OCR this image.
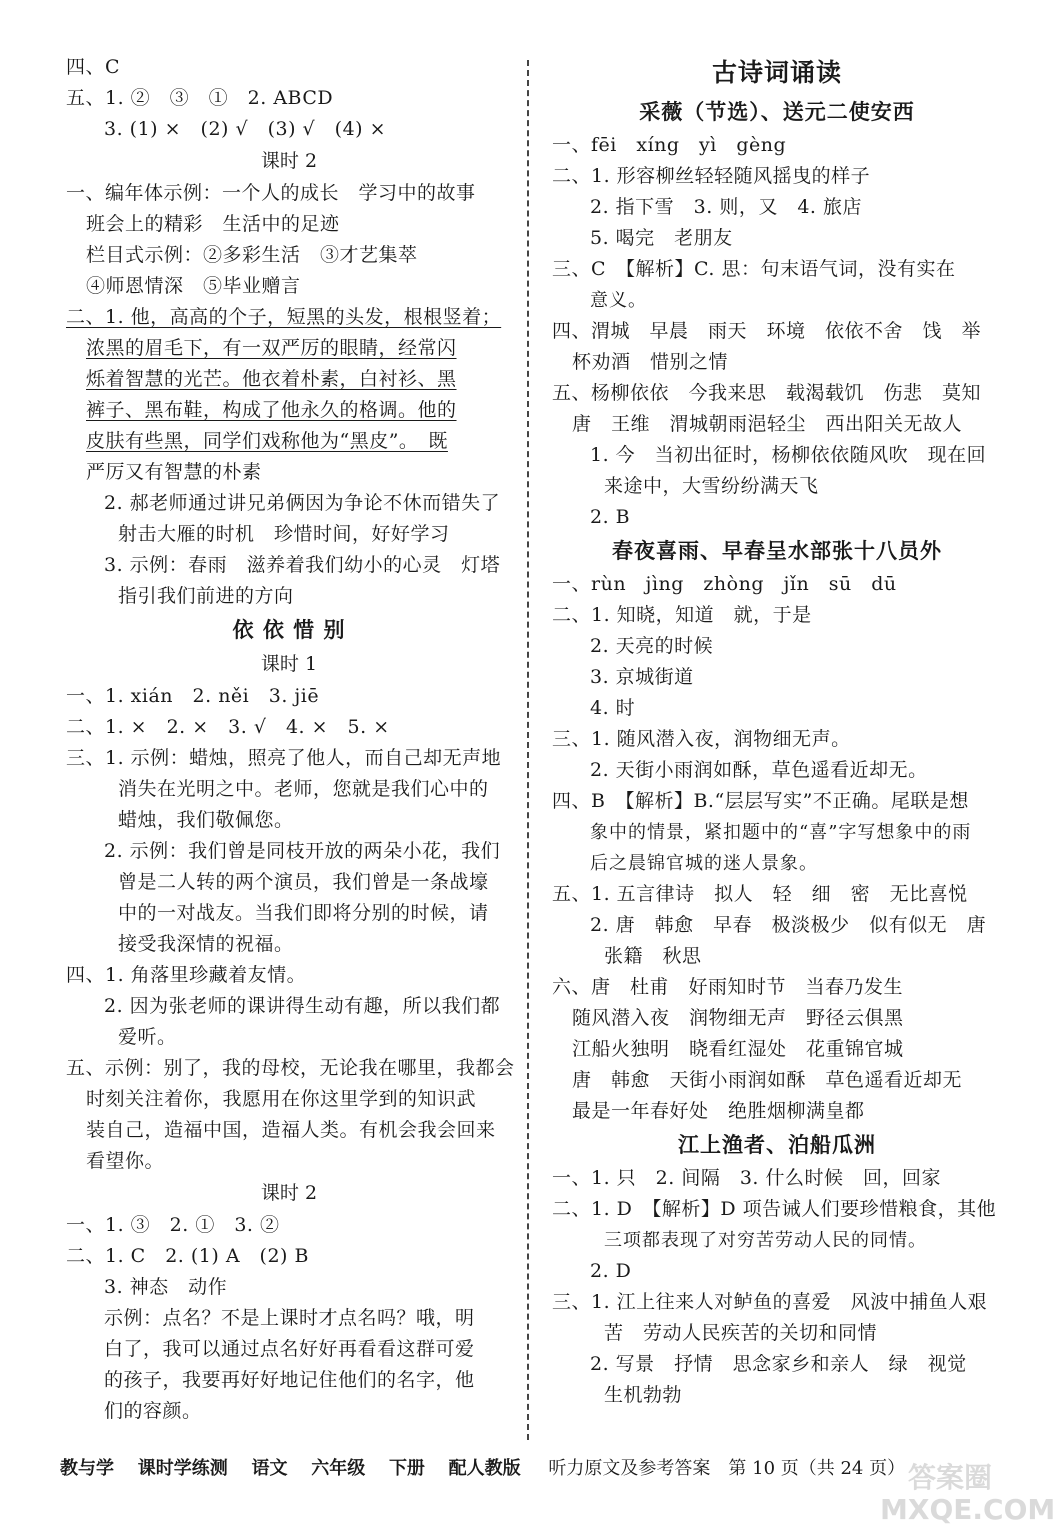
四、C
五、1. ②　③　①　2. ABCD
3. (1) ×　(2) √　(3) √　(4) ×
课时 2
一、编年体示例：一个人的成长　学习中的故事
班会上的精彩　生活中的足迹
栏目式示例：②多彩生活　③才艺集萃
④师恩情深　⑤毕业赠言
二、1. 他，高高的个子，短黑的头发，根根竖着；
浓黑的眉毛下，有一双严厉的眼睛，经常闪
烁着智慧的光芒。他衣着朴素，白衬衫、黑
裤子、黑布鞋，构成了他永久的格调。他的
皮肤有些黑，同学们戏称他为“黑皮”。　既
严厉又有智慧的朴素
2. 郝老师通过讲兄弟俩因为争论不休而错失了
射击大雁的时机　珍惜时间，好好学习
3. 示例：春雨　滋养着我们幼小的心灵　灯塔
指引我们前进的方向
依 依 惜 别
课时 1
一、1. xián　2. něi　3. jiē
二、1. ×　2. ×　3. √　4. ×　5. ×
三、1. 示例：蜡烛，照亮了他人，而自己却无声地
消失在光明之中。老师，您就是我们心中的
蜡烛，我们敬佩您。
2. 示例：我们曾是同枝开放的两朵小花，我们
曾是二人转的两个演员，我们曾是一条战壕
中的一对战友。当我们即将分别的时候，请
接受我深情的祝福。
四、1. 角落里珍藏着友情。
2. 因为张老师的课讲得生动有趣，所以我们都
爱听。
五、示例：别了，我的母校，无论我在哪里，我都会
时刻关注着你，我愿用在你这里学到的知识武
装自己，造福中国，造福人类。有机会我会回来
看望你。
课时 2
一、1. ③　2. ①　3. ②
二、1. C　2. (1) A　(2) B
3. 神态　动作
示例：点名？不是上课时才点名吗？哦，明
白了，我可以通过点名好好再看看这群可爱
的孩子，我要再好好地记住他们的名字，他
们的容颜。
古诗词诵读
采薇（节选）、送元二使安西
一、fēi　xíng　yì　gèng
二、1. 形容柳丝轻轻随风摇曳的样子
2. 指下雪　3. 则，又　4. 旅店
5. 喝完　老朋友
三、C　【解析】C. 思：句末语气词，没有实在
意义。
四、渭城　早晨　雨天　环境　依依不舍　饯　举
杯劝酒　惜别之情
五、杨柳依依　今我来思　载渴载饥　伤悲　莫知
唐　王维　渭城朝雨浥轻尘　西出阳关无故人
1. 今　当初出征时，杨柳依依随风吹　现在回
来途中，大雪纷纷满天飞
2. B
春夜喜雨、早春呈水部张十八员外
一、rùn　jìng　zhòng　jǐn　sū　dū
二、1. 知晓，知道　就，于是
2. 天亮的时候
3. 京城街道
4. 时
三、1. 随风潜入夜，润物细无声。
2. 天街小雨润如酥，草色遥看近却无。
四、B　【解析】B.“层层写实”不正确。尾联是想
象中的情景，紧扣题中的“喜”字写想象中的雨
后之晨锦官城的迷人景象。
五、1. 五言律诗　拟人　轻　细　密　无比喜悦
2. 唐　韩愈　早春　极淡极少　似有似无　唐
张籍　秋思
六、唐　杜甫　好雨知时节　当春乃发生
随风潜入夜　润物细无声　野径云俱黑
江船火独明　晓看红湿处　花重锦官城
唐　韩愈　天街小雨润如酥　草色遥看近却无
最是一年春好处　绝胜烟柳满皇都
江上渔者、泊船瓜洲
一、1. 只　2. 间隔　3. 什么时候　回，回家
二、1. D　【解析】D 项告诫人们要珍惜粮食，其他
三项都表现了对穷苦劳动人民的同情。
2. D
三、1. 江上往来人对鲈鱼的喜爱　风波中捕鱼人艰
苦　劳动人民疾苦的关切和同情
2. 写景　抒情　思念家乡和亲人　绿　视觉
生机勃勃
教与学 课时学练测 语文 六年级 下册 配人教版 听力原文及参考答案　第 10 页（共 24 页） 答案圈 MXQE.COM
